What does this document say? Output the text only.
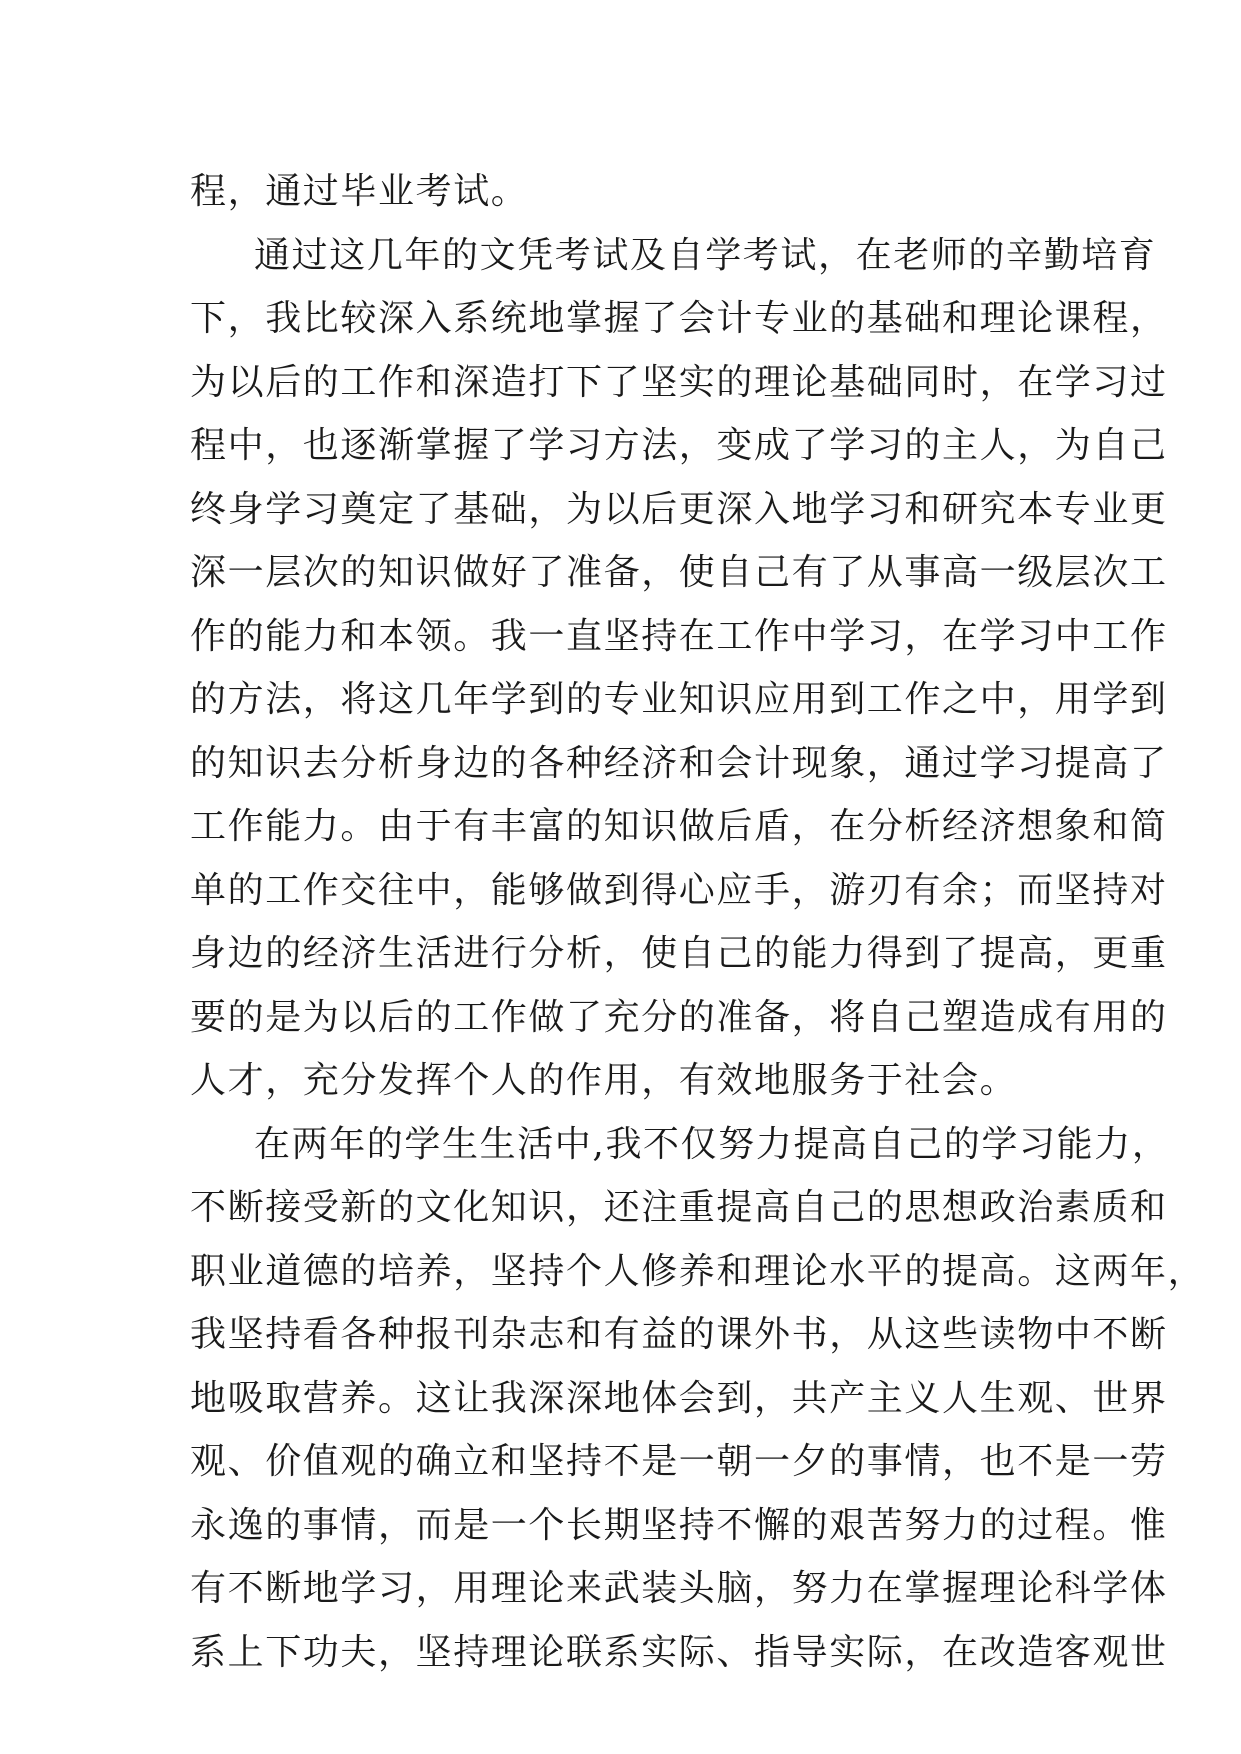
程，通过毕业考试。
通过这几年的文凭考试及自学考试，在老师的辛勤培育
下，我比较深入系统地掌握了会计专业的基础和理论课程，
为以后的工作和深造打下了坚实的理论基础同时，在学习过
程中，也逐渐掌握了学习方法，变成了学习的主人，为自己
终身学习奠定了基础，为以后更深入地学习和研究本专业更
深一层次的知识做好了准备，使自己有了从事高一级层次工
作的能力和本领。我一直坚持在工作中学习，在学习中工作
的方法，将这几年学到的专业知识应用到工作之中，用学到
的知识去分析身边的各种经济和会计现象，通过学习提高了
工作能力。由于有丰富的知识做后盾，在分析经济想象和简
单的工作交往中，能够做到得心应手，游刃有余；而坚持对
身边的经济生活进行分析，使自己的能力得到了提高，更重
要的是为以后的工作做了充分的准备，将自己塑造成有用的
人才，充分发挥个人的作用，有效地服务于社会。
在两年的学生生活中,我不仅努力提高自己的学习能力，
不断接受新的文化知识，还注重提高自己的思想政治素质和
职业道德的培养，坚持个人修养和理论水平的提高。这两年，
我坚持看各种报刊杂志和有益的课外书，从这些读物中不断
地吸取营养。这让我深深地体会到，共产主义人生观、世界
观、价值观的确立和坚持不是一朝一夕的事情，也不是一劳
永逸的事情，而是一个长期坚持不懈的艰苦努力的过程。惟
有不断地学习，用理论来武装头脑，努力在掌握理论科学体
系上下功夫，坚持理论联系实际、指导实际，在改造客观世
